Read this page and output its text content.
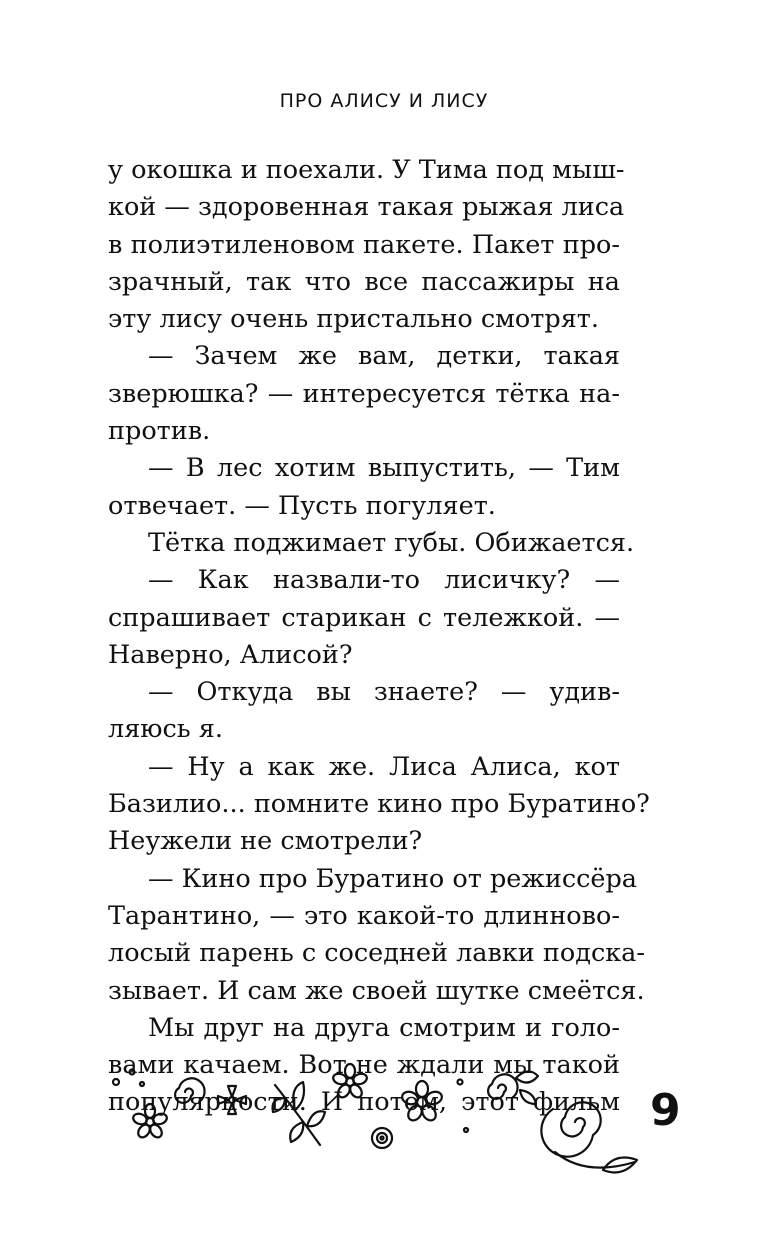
ПРО АЛИСУ И ЛИСУ
у окошка и поехали. У Тима под мыш-
кой — здоровенная такая рыжая лиса
в полиэтиленовом пакете. Пакет про-
зрачный, так что все пассажиры на
эту лису очень пристально смотрят.
— Зачем же вам, детки, такая
зверюшка? — интересуется тётка на-
против.
— В лес хотим выпустить, — Тим
отвечает. — Пусть погуляет.
Тётка поджимает губы. Обижается.
— Как назвали-то лисичку? —
спрашивает старикан с тележкой. —
Наверно, Алисой?
— Откуда вы знаете? — удив-
ляюсь я.
— Ну а как же. Лиса Алиса, кот
Базилио... помните кино про Буратино?
Неужели не смотрели?
— Кино про Буратино от режиссёра
Тарантино, — это какой-то длинново-
лосый парень с соседней лавки подска-
зывает. И сам же своей шутке смеётся.
Мы друг на друга смотрим и голо-
вами качаем. Вот не ждали мы такой
популярности. И потом, этот фильм 9
